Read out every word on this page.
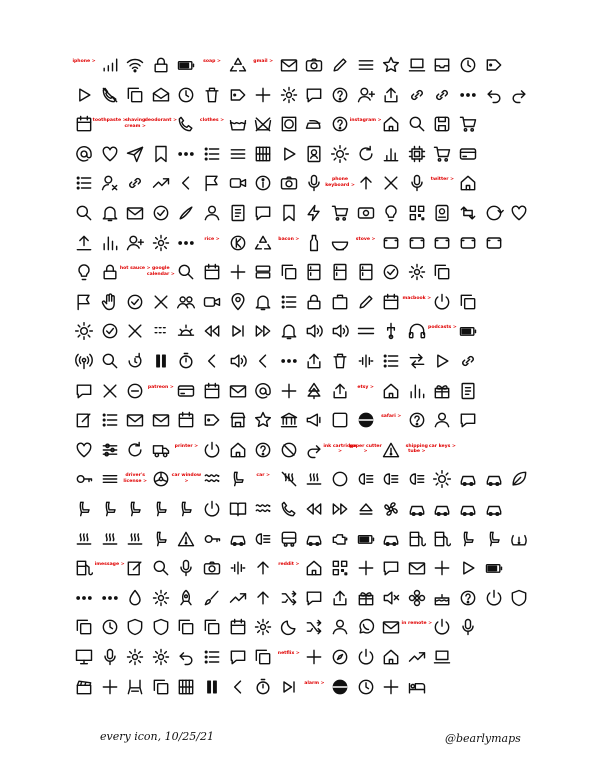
iphone >	soap >	gmail >
toothpaste >
shaving cream >
deodorant >	clothes >	instagram >
phone keyboard >
twitter >
rice >	bacon >	stove >
hot sauce > google calendar >
macbook >
podcasts >
patreon >	etsy >
safari >
printer >	ink cartridge >
paper cutter >
shipping tube >
car keys >
driver's license >
car window >
car >
imessage >	reddit >
in remote >
netflix >
alarm >
every icon, 10/25/21	@bearlymaps
